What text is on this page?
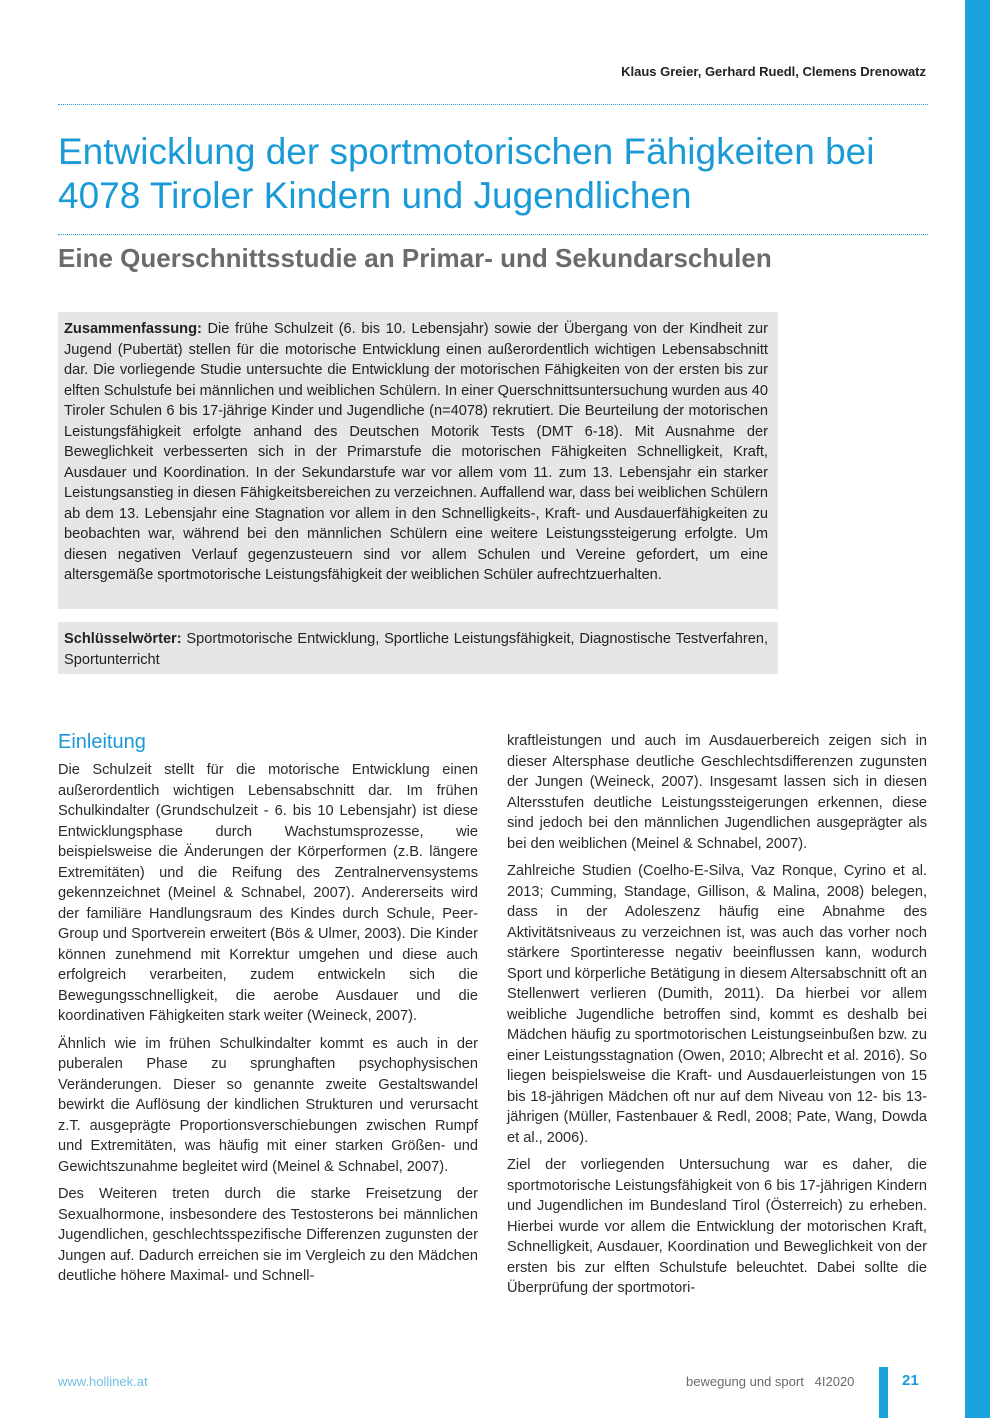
Klaus Greier, Gerhard Ruedl, Clemens Drenowatz
Entwicklung der sportmotorischen Fähigkeiten bei 4078 Tiroler Kindern und Jugendlichen
Eine Querschnittsstudie an Primar- und Sekundarschulen
Zusammenfassung: Die frühe Schulzeit (6. bis 10. Lebensjahr) sowie der Übergang von der Kindheit zur Jugend (Pubertät) stellen für die motorische Entwicklung einen außerordentlich wichtigen Lebensabschnitt dar. Die vorliegende Studie untersuchte die Entwicklung der motorischen Fähigkeiten von der ersten bis zur elften Schulstufe bei männlichen und weiblichen Schülern. In einer Querschnittsuntersuchung wurden aus 40 Tiroler Schulen 6 bis 17-jährige Kinder und Jugendliche (n=4078) rekrutiert. Die Beurteilung der motorischen Leistungsfähigkeit erfolgte anhand des Deutschen Motorik Tests (DMT 6-18). Mit Ausnahme der Beweglichkeit verbesserten sich in der Primarstufe die motorischen Fähigkeiten Schnelligkeit, Kraft, Ausdauer und Koordination. In der Sekundarstufe war vor allem vom 11. zum 13. Lebensjahr ein starker Leistungsanstieg in diesen Fähigkeitsbereichen zu verzeichnen. Auffallend war, dass bei weiblichen Schülern ab dem 13. Lebensjahr eine Stagnation vor allem in den Schnelligkeits-, Kraft- und Ausdauerfähigkeiten zu beobachten war, während bei den männlichen Schülern eine weitere Leistungssteigerung erfolgte. Um diesen negativen Verlauf gegenzusteuern sind vor allem Schulen und Vereine gefordert, um eine altersgemäße sportmotorische Leistungsfähigkeit der weiblichen Schüler aufrechtzuerhalten.
Schlüsselwörter: Sportmotorische Entwicklung, Sportliche Leistungsfähigkeit, Diagnostische Testverfahren, Sportunterricht
Einleitung

Die Schulzeit stellt für die motorische Entwicklung einen außerordentlich wichtigen Lebensabschnitt dar. Im frühen Schulkindalter (Grundschulzeit - 6. bis 10 Lebensjahr) ist diese Entwicklungsphase durch Wachstumsprozesse, wie beispielsweise die Änderungen der Körperformen (z.B. längere Extremitäten) und die Reifung des Zentralnervensystems gekennzeichnet (Meinel & Schnabel, 2007). Andererseits wird der familiäre Handlungsraum des Kindes durch Schule, Peer-Group und Sportverein erweitert (Bös & Ulmer, 2003). Die Kinder können zunehmend mit Korrektur umgehen und diese auch erfolgreich verarbeiten, zudem entwickeln sich die Bewegungsschnelligkeit, die aerobe Ausdauer und die koordinativen Fähigkeiten stark weiter (Weineck, 2007).

Ähnlich wie im frühen Schulkindalter kommt es auch in der puberalen Phase zu sprunghaften psychophysischen Veränderungen. Dieser so genannte zweite Gestaltswandel bewirkt die Auflösung der kindlichen Strukturen und verursacht z.T. ausgeprägte Proportionsverschiebungen zwischen Rumpf und Extremitäten, was häufig mit einer starken Größen- und Gewichtszunahme begleitet wird (Meinel & Schnabel, 2007).

Des Weiteren treten durch die starke Freisetzung der Sexualhormone, insbesondere des Testosterons bei männlichen Jugendlichen, geschlechtsspezifische Differenzen zugunsten der Jungen auf. Dadurch erreichen sie im Vergleich zu den Mädchen deutliche höhere Maximal- und Schnell-

kraftleistungen und auch im Ausdauerbereich zeigen sich in dieser Altersphase deutliche Geschlechtsdifferenzen zugunsten der Jungen (Weineck, 2007). Insgesamt lassen sich in diesen Altersstufen deutliche Leistungssteigerungen erkennen, diese sind jedoch bei den männlichen Jugendlichen ausgeprägter als bei den weiblichen (Meinel & Schnabel, 2007).

Zahlreiche Studien (Coelho-E-Silva, Vaz Ronque, Cyrino et al. 2013; Cumming, Standage, Gillison, & Malina, 2008) belegen, dass in der Adoleszenz häufig eine Abnahme des Aktivitätsniveaus zu verzeichnen ist, was auch das vorher noch stärkere Sportinteresse negativ beeinflussen kann, wodurch Sport und körperliche Betätigung in diesem Altersabschnitt oft an Stellenwert verlieren (Dumith, 2011). Da hierbei vor allem weibliche Jugendliche betroffen sind, kommt es deshalb bei Mädchen häufig zu sportmotorischen Leistungseinbußen bzw. zu einer Leistungsstagnation (Owen, 2010; Albrecht et al. 2016). So liegen beispielsweise die Kraft- und Ausdauerleistungen von 15 bis 18-jährigen Mädchen oft nur auf dem Niveau von 12- bis 13-jährigen (Müller, Fastenbauer & Redl, 2008; Pate, Wang, Dowda et al., 2006).

Ziel der vorliegenden Untersuchung war es daher, die sportmotorische Leistungsfähigkeit von 6 bis 17-jährigen Kindern und Jugendlichen im Bundesland Tirol (Österreich) zu erheben. Hierbei wurde vor allem die Entwicklung der motorischen Kraft, Schnelligkeit, Ausdauer, Koordination und Beweglichkeit von der ersten bis zur elften Schulstufe beleuchtet. Dabei sollte die Überprüfung der sportmotori-

www.hollinek.at	bewegung und sport   4I2020	21
